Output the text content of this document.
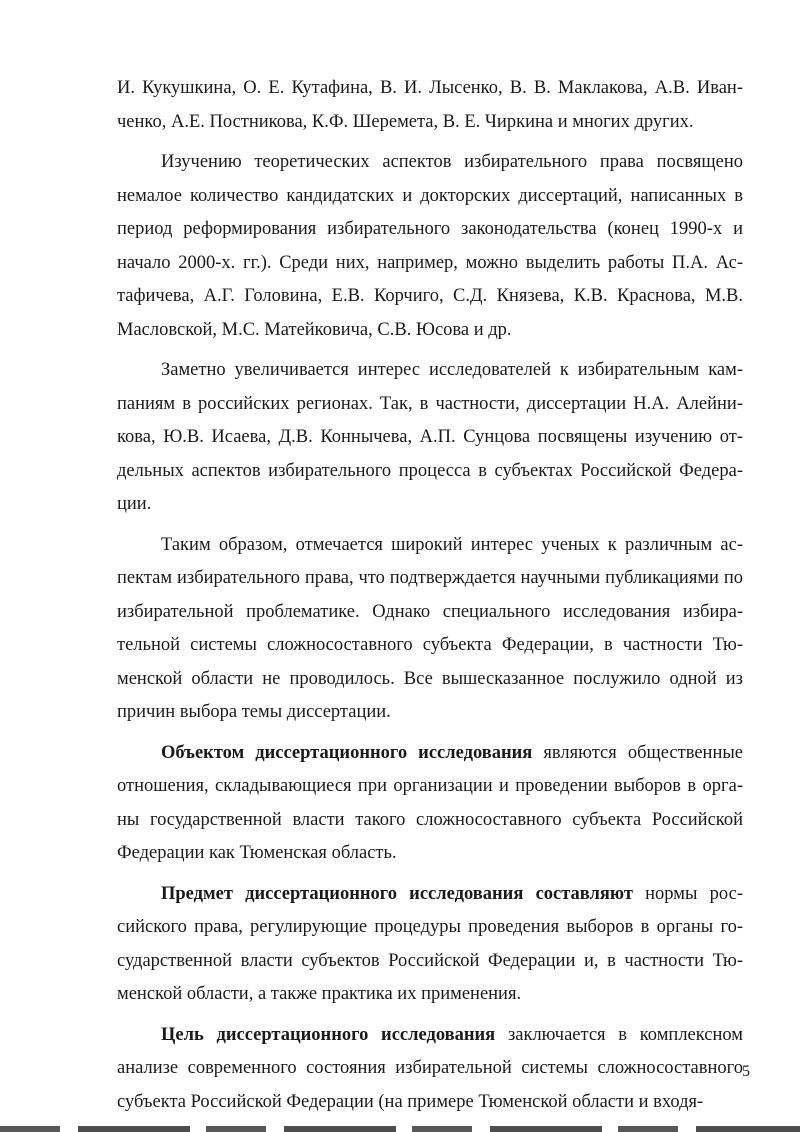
И. Кукушкина, О. Е. Кутафина, В. И. Лысенко, В. В. Маклакова, А.В. Иванченко, А.Е. Постникова, К.Ф. Шеремета, В. Е. Чиркина и многих других.

Изучению теоретических аспектов избирательного права посвящено немалое количество кандидатских и докторских диссертаций, написанных в период реформирования избирательного законодательства (конец 1990-х и начало 2000-х. гг.). Среди них, например, можно выделить работы П.А. Астафичева, А.Г. Головина, Е.В. Корчиго, С.Д. Князева, К.В. Краснова, М.В. Масловской, М.С. Матейковича, С.В. Юсова и др.

Заметно увеличивается интерес исследователей к избирательным кампаниям в российских регионах. Так, в частности, диссертации Н.А. Алейникова, Ю.В. Исаева, Д.В. Коннычева, А.П. Сунцова посвящены изучению отдельных аспектов избирательного процесса в субъектах Российской Федерации.

Таким образом, отмечается широкий интерес ученых к различным аспектам избирательного права, что подтверждается научными публикациями по избирательной проблематике. Однако специального исследования избирательной системы сложносоставного субъекта Федерации, в частности Тюменской области не проводилось. Все вышесказанное послужило одной из причин выбора темы диссертации.

Объектом диссертационного исследования являются общественные отношения, складывающиеся при организации и проведении выборов в органы государственной власти такого сложносоставного субъекта Российской Федерации как Тюменская область.

Предмет диссертационного исследования составляют нормы российского права, регулирующие процедуры проведения выборов в органы государственной власти субъектов Российской Федерации и, в частности Тюменской области, а также практика их применения.

Цель диссертационного исследования заключается в комплексном анализе современного состояния избирательной системы сложносоставного субъекта Российской Федерации (на примере Тюменской области и входя-

5
